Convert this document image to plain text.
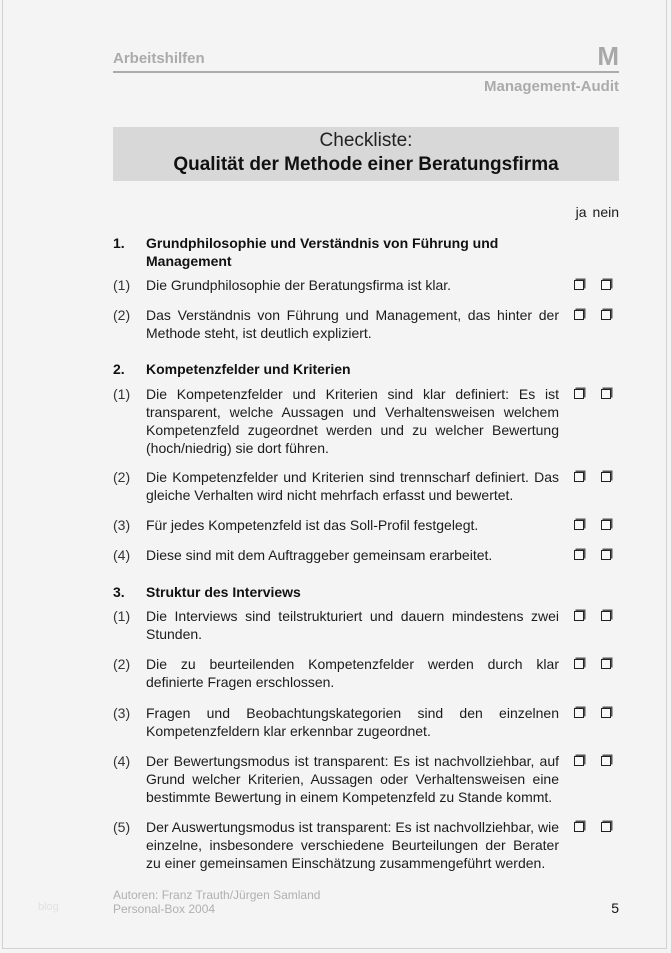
Arbeitshilfen	M
Management-Audit
Checkliste:
Qualität der Methode einer Beratungsfirma
ja nein
1.	Grundphilosophie und Verständnis von Führung und Management
(1)	Die Grundphilosophie der Beratungsfirma ist klar.
(2)	Das Verständnis von Führung und Management, das hinter der Methode steht, ist deutlich expliziert.
2.	Kompetenzfelder und Kriterien
(1)	Die Kompetenzfelder und Kriterien sind klar definiert: Es ist transparent, welche Aussagen und Verhaltensweisen welchem Kompetenzfeld zugeordnet werden und zu welcher Bewertung (hoch/niedrig) sie dort führen.
(2)	Die Kompetenzfelder und Kriterien sind trennscharf definiert. Das gleiche Verhalten wird nicht mehrfach erfasst und bewertet.
(3)	Für jedes Kompetenzfeld ist das Soll-Profil festgelegt.
(4)	Diese sind mit dem Auftraggeber gemeinsam erarbeitet.
3.	Struktur des Interviews
(1)	Die Interviews sind teilstrukturiert und dauern mindestens zwei Stunden.
(2)	Die zu beurteilenden Kompetenzfelder werden durch klar definierte Fragen erschlossen.
(3)	Fragen und Beobachtungskategorien sind den einzelnen Kompetenzfeldern klar erkennbar zugeordnet.
(4)	Der Bewertungsmodus ist transparent: Es ist nachvollziehbar, auf Grund welcher Kriterien, Aussagen oder Verhaltensweisen eine bestimmte Bewertung in einem Kompetenzfeld zu Stande kommt.
(5)	Der Auswertungsmodus ist transparent: Es ist nachvollziehbar, wie einzelne, insbesondere verschiedene Beurteilungen der Berater zu einer gemeinsamen Einschätzung zusammengeführt werden.
blog
Autoren: Franz Trauth/Jürgen Samland
Personal-Box 2004	5
